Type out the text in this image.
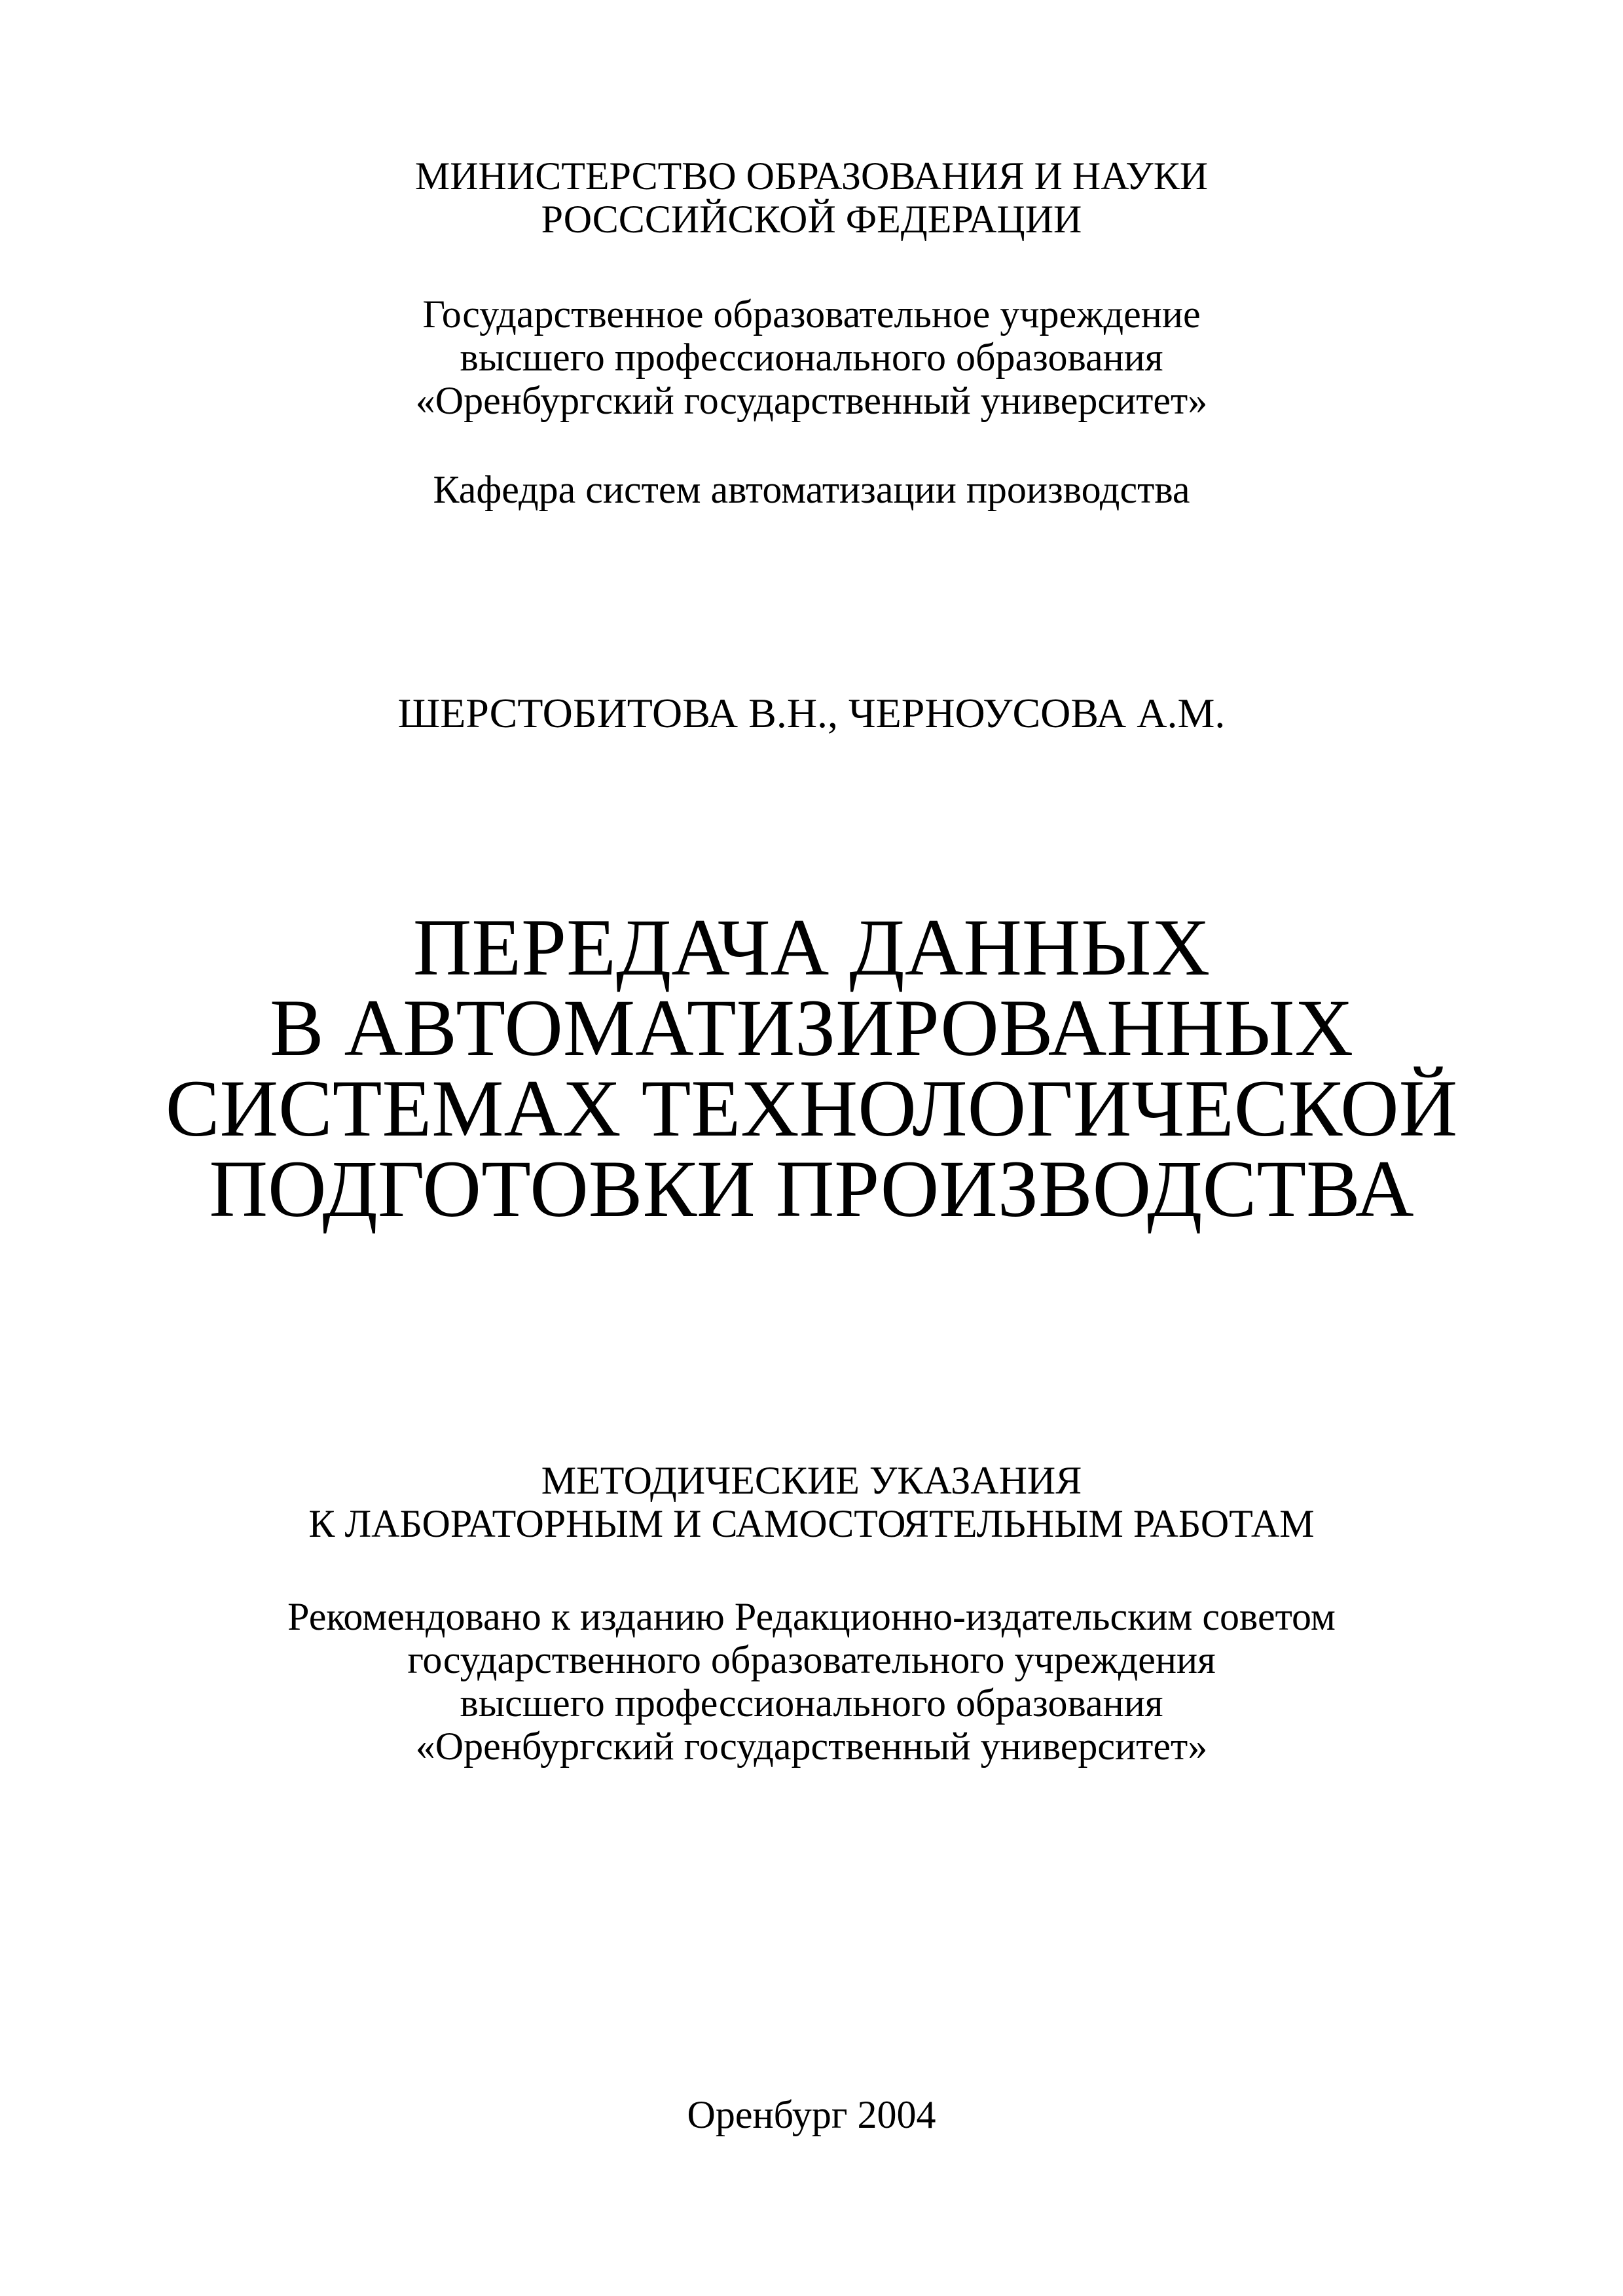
МИНИСТЕРСТВО ОБРАЗОВАНИЯ И НАУКИ
РОСССИЙСКОЙ ФЕДЕРАЦИИ
Государственное образовательное учреждение
высшего профессионального образования
«Оренбургский государственный университет»
Кафедра систем автоматизации производства
ШЕРСТОБИТОВА В.Н., ЧЕРНОУСОВА А.М.
ПЕРЕДАЧА ДАННЫХ
В АВТОМАТИЗИРОВАННЫХ
СИСТЕМАХ ТЕХНОЛОГИЧЕСКОЙ
ПОДГОТОВКИ ПРОИЗВОДСТВА
МЕТОДИЧЕСКИЕ УКАЗАНИЯ
К ЛАБОРАТОРНЫМ И САМОСТОЯТЕЛЬНЫМ РАБОТАМ
Рекомендовано к изданию Редакционно-издательским советом
государственного образовательного учреждения
высшего профессионального образования
«Оренбургский государственный университет»
Оренбург 2004
